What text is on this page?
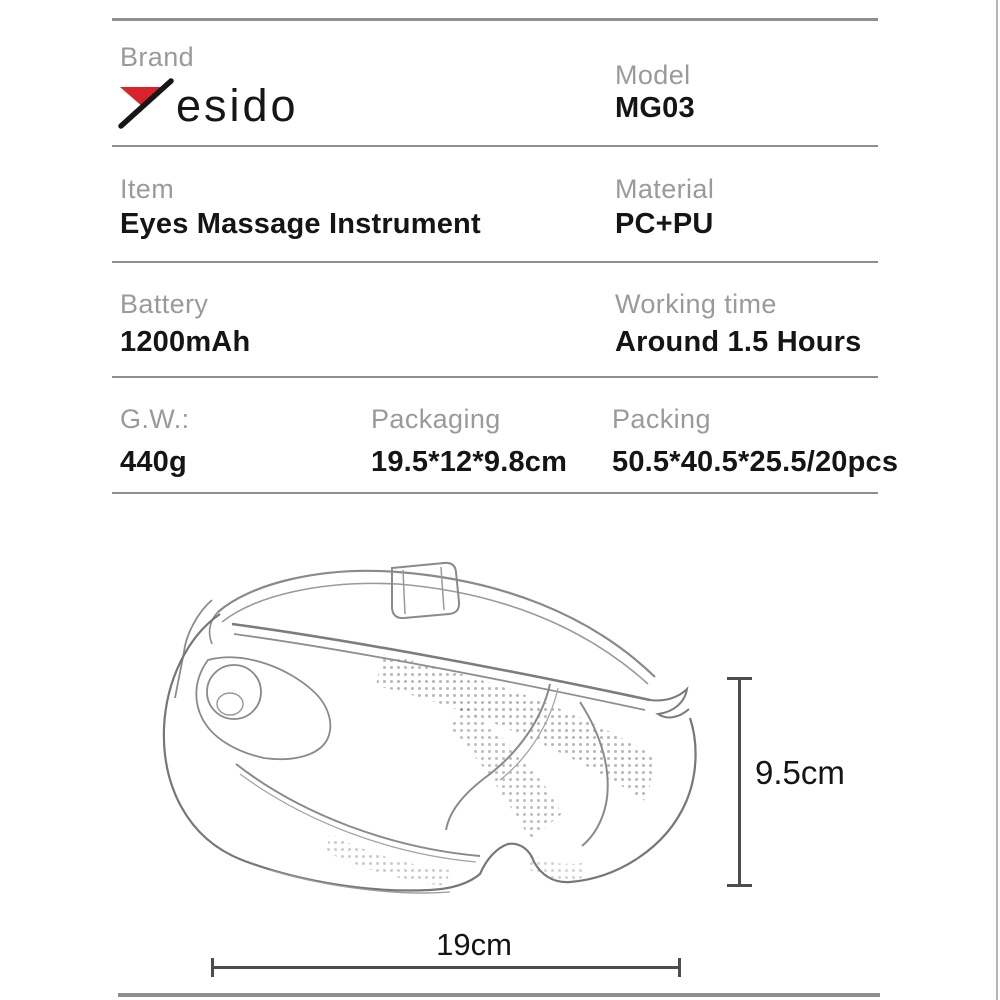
Brand
esido
Model
MG03
Item
Eyes Massage Instrument
Material
PC+PU
Battery
1200mAh
Working time
Around 1.5 Hours
G.W.:
440g
Packaging
19.5*12*9.8cm
Packing
50.5*40.5*25.5/20pcs
9.5cm
19cm
